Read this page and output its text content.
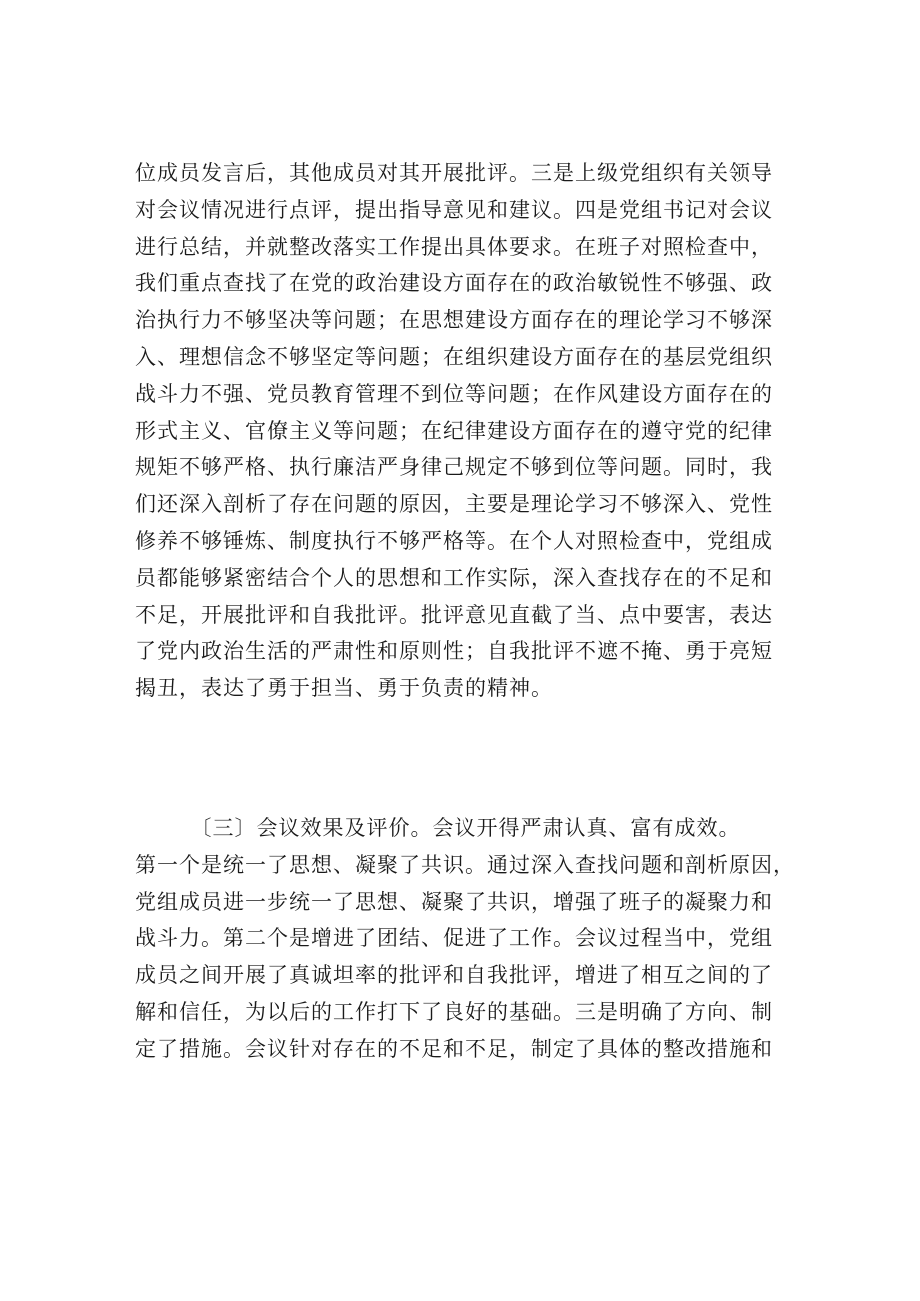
位成员发言后，其他成员对其开展批评。三是上级党组织有关领导

对会议情况进行点评，提出指导意见和建议。四是党组书记对会议

进行总结，并就整改落实工作提出具体要求。在班子对照检查中，

我们重点查找了在党的政治建设方面存在的政治敏锐性不够强、政

治执行力不够坚决等问题；在思想建设方面存在的理论学习不够深

入、理想信念不够坚定等问题；在组织建设方面存在的基层党组织

战斗力不强、党员教育管理不到位等问题；在作风建设方面存在的

形式主义、官僚主义等问题；在纪律建设方面存在的遵守党的纪律

规矩不够严格、执行廉洁严身律己规定不够到位等问题。同时，我

们还深入剖析了存在问题的原因，主要是理论学习不够深入、党性

修养不够锤炼、制度执行不够严格等。在个人对照检查中，党组成

员都能够紧密结合个人的思想和工作实际，深入查找存在的不足和

不足，开展批评和自我批评。批评意见直截了当、点中要害，表达

了党内政治生活的严肃性和原则性；自我批评不遮不掩、勇于亮短

揭丑，表达了勇于担当、勇于负责的精神。

　　　〔三〕会议效果及评价。会议开得严肃认真、富有成效。

第一个是统一了思想、凝聚了共识。通过深入查找问题和剖析原因，

党组成员进一步统一了思想、凝聚了共识，增强了班子的凝聚力和

战斗力。第二个是增进了团结、促进了工作。会议过程当中，党组

成员之间开展了真诚坦率的批评和自我批评，增进了相互之间的了

解和信任，为以后的工作打下了良好的基础。三是明确了方向、制

定了措施。会议针对存在的不足和不足，制定了具体的整改措施和
